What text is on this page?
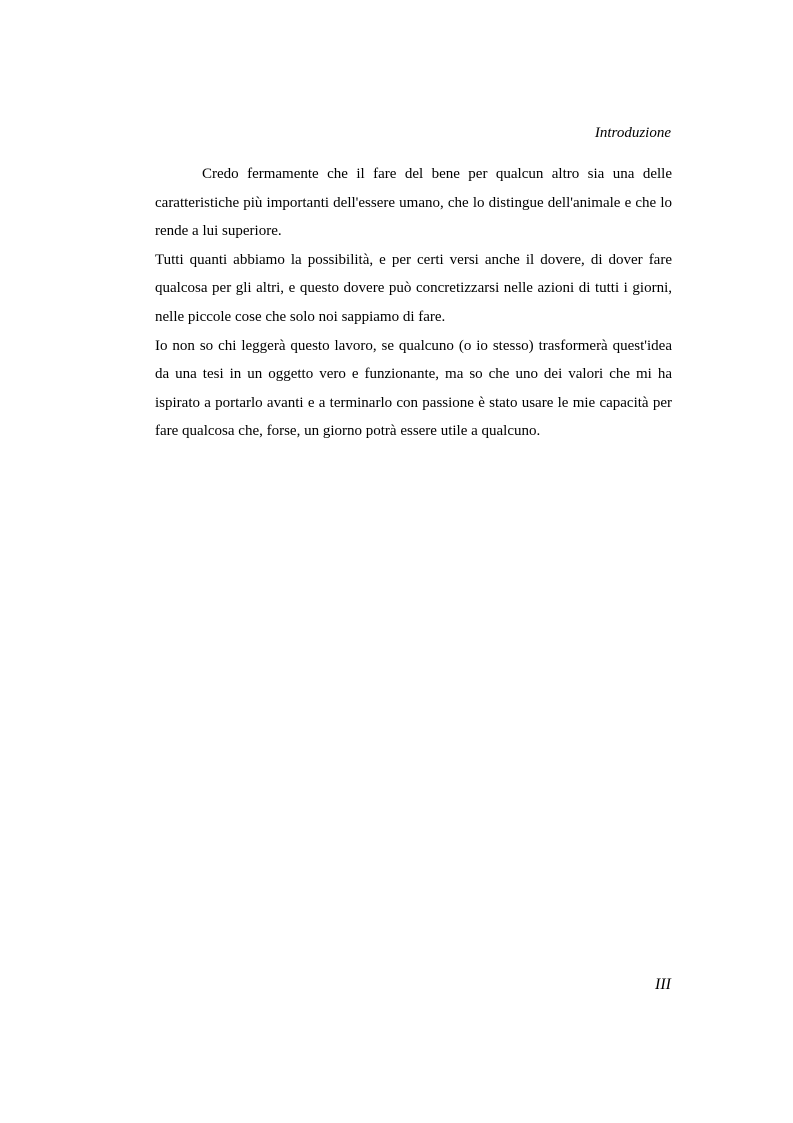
Introduzione

Credo fermamente che il fare del bene per qualcun altro sia una delle caratteristiche più importanti dell'essere umano, che lo distingue dell'animale e che lo rende a lui superiore.

Tutti quanti abbiamo la possibilità, e per certi versi anche il dovere, di dover fare qualcosa per gli altri, e questo dovere può concretizzarsi nelle azioni di tutti i giorni, nelle piccole cose che solo noi sappiamo di fare.

Io non so chi leggerà questo lavoro, se qualcuno (o io stesso) trasformerà quest'idea da una tesi in un oggetto vero e funzionante, ma so che uno dei valori che mi ha ispirato a portarlo avanti e a terminarlo con passione è stato usare le mie capacità per fare qualcosa che, forse, un giorno potrà essere utile a qualcuno.

III
